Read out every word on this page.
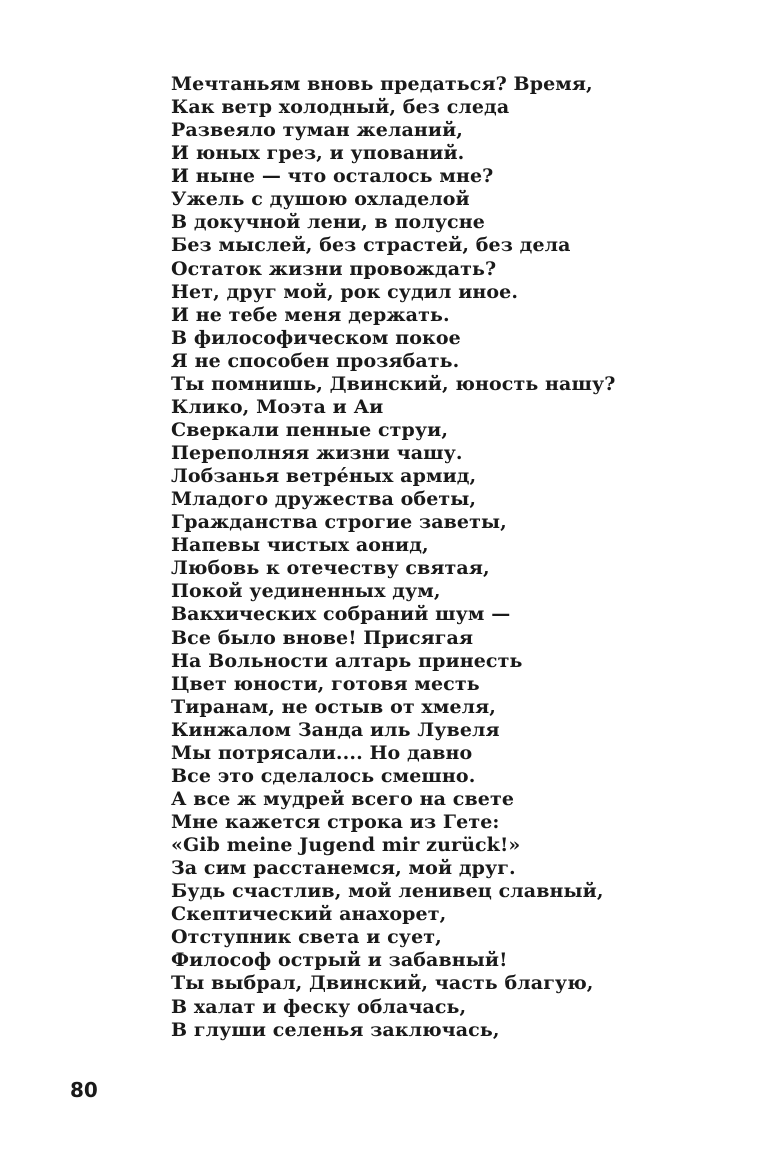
Мечтаньям вновь предаться? Время,
Как ветр холодный, без следа
Развеяло туман желаний,
И юных грез, и упований.
И ныне — что осталось мне?
Ужель с душою охладелой
В докучной лени, в полусне
Без мыслей, без страстей, без дела
Остаток жизни провождать?
Нет, друг мой, рок судил иное.
И не тебе меня держать.
В философическом покое
Я не способен прозябать.
Ты помнишь, Двинский, юность нашу?
Клико, Моэта и Аи
Сверкали пенные струи,
Переполняя жизни чашу.
Лобзанья ветрéных армид,
Младого дружества обеты,
Гражданства строгие заветы,
Напевы чистых аонид,
Любовь к отечеству святая,
Покой уединенных дум,
Вакхических собраний шум —
Все было внове! Присягая
На Вольности алтарь принесть
Цвет юности, готовя месть
Тиранам, не остыв от хмеля,
Кинжалом Занда иль Лувеля
Мы потрясали.... Но давно
Все это сделалось смешно.
А все ж мудрей всего на свете
Мне кажется строка из Гете:
«Gib meine Jugend mir zurück!»
За сим расстанемся, мой друг.
Будь счастлив, мой ленивец славный,
Скептический анахорет,
Отступник света и сует,
Философ острый и забавный!
Ты выбрал, Двинский, часть благую,
В халат и феску облачась,
В глуши селенья заключась,
80
